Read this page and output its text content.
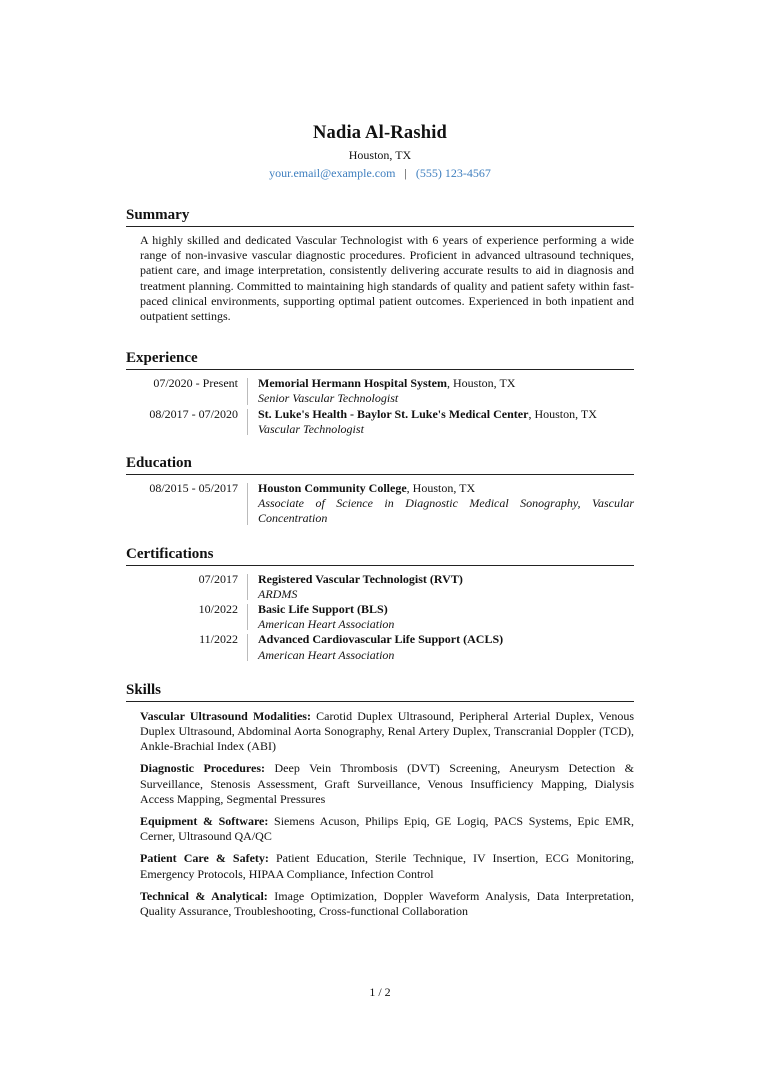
Nadia Al-Rashid
Houston, TX
your.email@example.com | (555) 123-4567
Summary
A highly skilled and dedicated Vascular Technologist with 6 years of experience performing a wide range of non-invasive vascular diagnostic procedures. Proficient in advanced ultrasound techniques, patient care, and image interpretation, consistently delivering accurate results to aid in diagnosis and treatment planning. Committed to maintaining high standards of quality and patient safety within fast-paced clinical environments, supporting optimal patient outcomes. Experienced in both inpatient and outpatient settings.
Experience
07/2020 - Present	Memorial Hermann Hospital System, Houston, TX
Senior Vascular Technologist
08/2017 - 07/2020	St. Luke's Health - Baylor St. Luke's Medical Center, Houston, TX
Vascular Technologist
Education
08/2015 - 05/2017	Houston Community College, Houston, TX
Associate of Science in Diagnostic Medical Sonography, Vascular Concentration
Certifications
07/2017	Registered Vascular Technologist (RVT)
ARDMS
10/2022	Basic Life Support (BLS)
American Heart Association
11/2022	Advanced Cardiovascular Life Support (ACLS)
American Heart Association
Skills
Vascular Ultrasound Modalities: Carotid Duplex Ultrasound, Peripheral Arterial Duplex, Venous Duplex Ultrasound, Abdominal Aorta Sonography, Renal Artery Duplex, Transcranial Doppler (TCD), Ankle-Brachial Index (ABI)
Diagnostic Procedures: Deep Vein Thrombosis (DVT) Screening, Aneurysm Detection & Surveillance, Stenosis Assessment, Graft Surveillance, Venous Insufficiency Mapping, Dialysis Access Mapping, Segmental Pressures
Equipment & Software: Siemens Acuson, Philips Epiq, GE Logiq, PACS Systems, Epic EMR, Cerner, Ultrasound QA/QC
Patient Care & Safety: Patient Education, Sterile Technique, IV Insertion, ECG Monitoring, Emergency Protocols, HIPAA Compliance, Infection Control
Technical & Analytical: Image Optimization, Doppler Waveform Analysis, Data Interpretation, Quality Assurance, Troubleshooting, Cross-functional Collaboration
1 / 2
